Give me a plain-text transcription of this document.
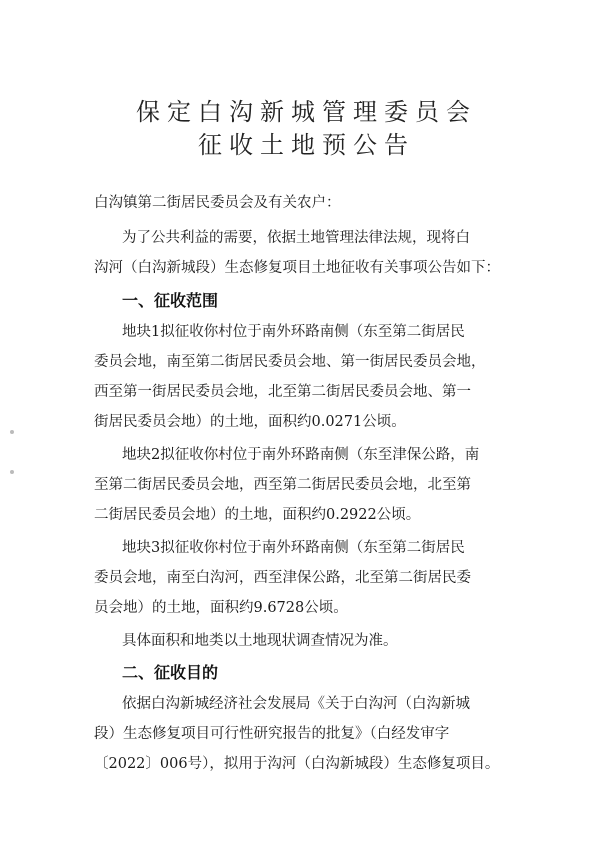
保定白沟新城管理委员会
征收土地预公告
白沟镇第二街居民委员会及有关农户：
为了公共利益的需要，依据土地管理法律法规，现将白
沟河（白沟新城段）生态修复项目土地征收有关事项公告如下：
一、征收范围
地块1拟征收你村位于南外环路南侧（东至第二街居民
委员会地，南至第二街居民委员会地、第一街居民委员会地，
西至第一街居民委员会地，北至第二街居民委员会地、第一
街居民委员会地）的土地，面积约0.0271公顷。
地块2拟征收你村位于南外环路南侧（东至津保公路，南
至第二街居民委员会地，西至第二街居民委员会地，北至第
二街居民委员会地）的土地，面积约0.2922公顷。
地块3拟征收你村位于南外环路南侧（东至第二街居民
委员会地，南至白沟河，西至津保公路，北至第二街居民委
员会地）的土地，面积约9.6728公顷。
具体面积和地类以土地现状调查情况为准。
二、征收目的
依据白沟新城经济社会发展局《关于白沟河（白沟新城
段）生态修复项目可行性研究报告的批复》（白经发审字
〔2022〕006号），拟用于沟河（白沟新城段）生态修复项目。
